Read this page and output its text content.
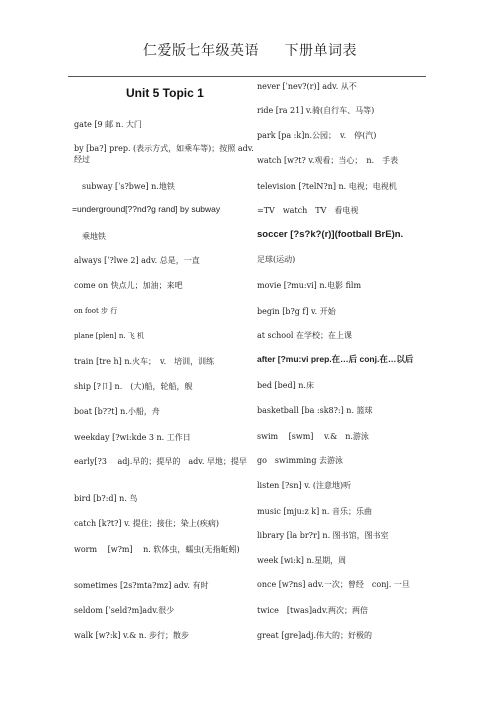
仁爱版七年级英语　 下册单词表
Unit 5 Topic 1
gate [9 邮 n. 大门
by [ba?] prep. (表示方式，如乘车等)；按照 adv.经过
subway [ˈs?bwe] n.地铁
=underground[??nd?g rand] by subway
乘地铁
always [ˈ?lwe 2] adv. 总是，一直
come on 快点儿；加油；来吧
on foot 步 行
plane [plen] n. 飞 机
train [tre h] n.火车；　v.　培训，训练
ship [?卩] n.　(大)船，轮船，舰
boat [b??t] n.小船，舟
weekday [?wi:kde 3 n. 工作日
early[?3　 adj.早的；提早的　adv. 早地；提早
bird [b?:d] n. 鸟
catch [k?t?] v. 提住；接住；染上(疾病)
worm　 [w?m]　 n. 软体虫，蠕虫(无指蚯蚓)
sometimes [2s?mta?mz] adv. 有时
seldom [ˈseld?m]adv.很少
walk [w?:k] v.& n. 步行；散步
never [ˈnev?(r)] adv. 从不
ride [ra 21] v.骑(自行车、马等)
park [pa :k]n.公园；　v.　停(汽)
watch [w?t? v.观看；当心；　n.　手表
television [?telN?n] n. 电视；电视机
=TV　watch　TV　看电视
soccer [?s?k?(r)](football BrE)n.
足球(运动)
movie [?mu:vi] n.电影 film
begin [b?g f] v. 开始
at school 在学校；在上课
after [?mu:vi prep.在…后 conj.在…以后
bed [bed] n.床
basketball [ba :sk8?:] n. 篮球
swim　 [swm]　 v.&　n.游泳
go　swimming 去游泳
listen [?sn] v. (注意地)听
music [mju:z k] n. 音乐；乐曲
library [la br?r] n. 图书馆，图书室
week [wi:k] n.星期，周
once [w?ns] adv.一次；曾经　conj. 一旦
twice　[twas]adv.两次；两倍
great [gre]adj.伟大的；好极的
